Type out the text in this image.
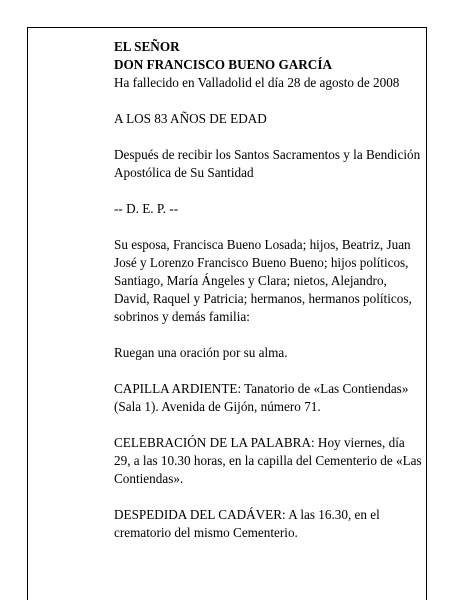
EL SEÑOR
DON FRANCISCO BUENO GARCÍA
Ha fallecido en Valladolid el día 28 de agosto de 2008

A LOS 83 AÑOS DE EDAD

Después de recibir los Santos Sacramentos y la Bendición Apostólica de Su Santidad

-- D. E. P. --

Su esposa, Francisca Bueno Losada; hijos, Beatriz, Juan José y Lorenzo Francisco Bueno Bueno; hijos políticos, Santiago, María Ángeles y Clara; nietos, Alejandro, David, Raquel y Patricia; hermanos, hermanos políticos, sobrinos y demás familia:

Ruegan una oración por su alma.

CAPILLA ARDIENTE: Tanatorio de «Las Contiendas» (Sala 1). Avenida de Gijón, número 71.

CELEBRACIÓN DE LA PALABRA: Hoy viernes, día 29, a las 10.30 horas, en la capilla del Cementerio de «Las Contiendas».

DESPEDIDA DEL CADÁVER: A las 16.30, en el crematorio del mismo Cementerio.
